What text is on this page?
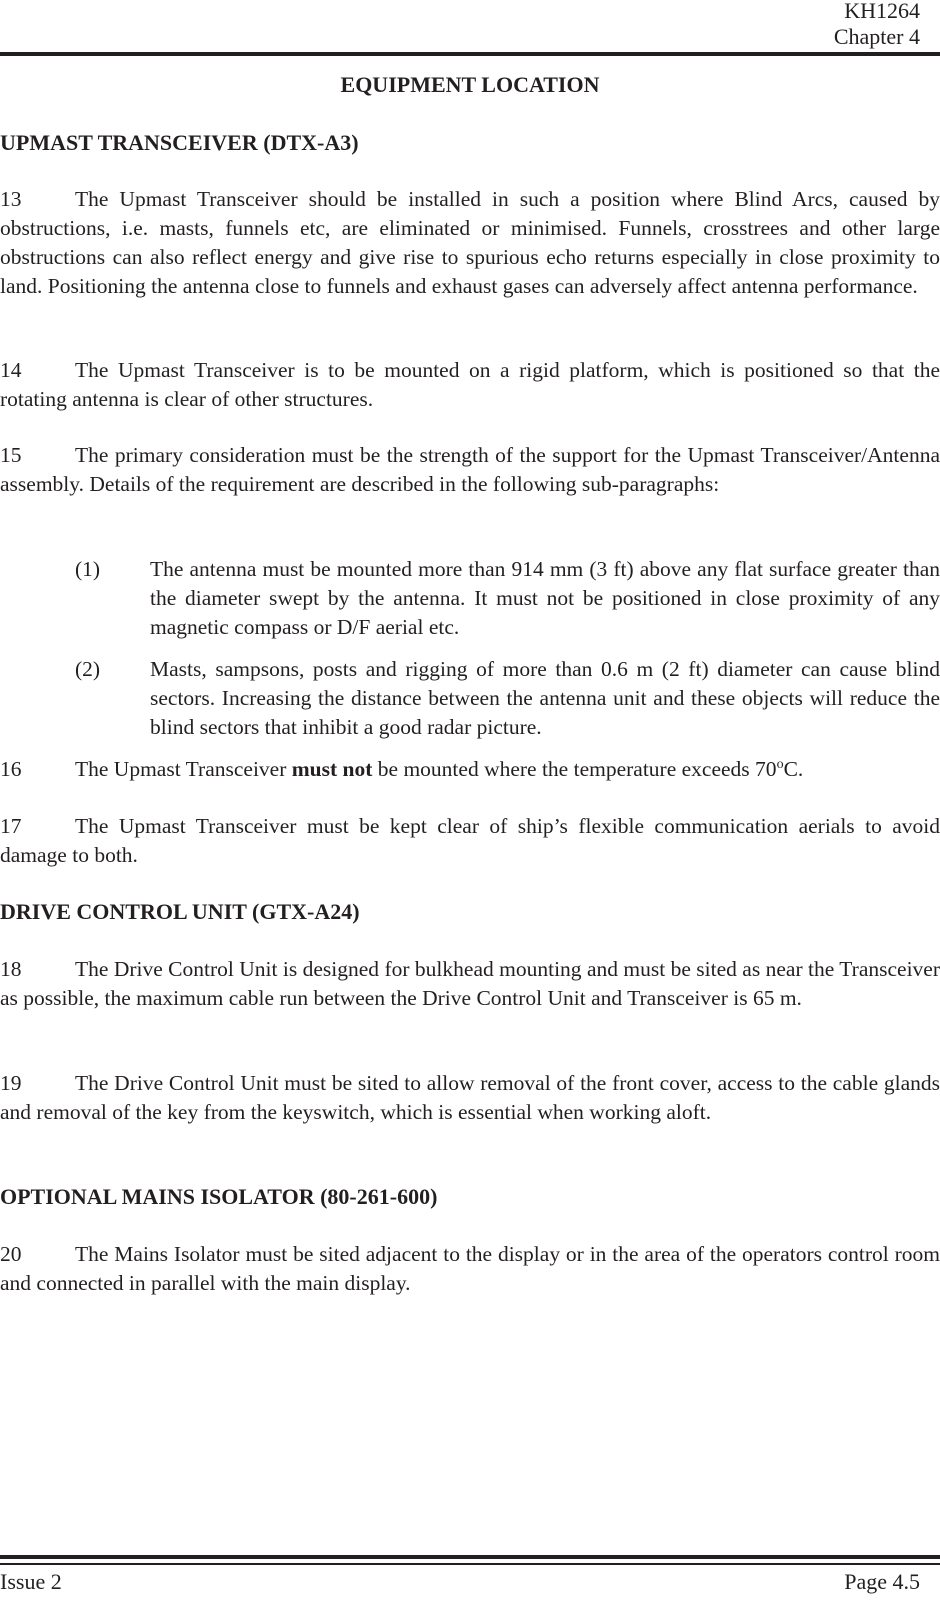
KH1264
Chapter 4
EQUIPMENT LOCATION
UPMAST TRANSCEIVER (DTX-A3)
13	The Upmast Transceiver should be installed in such a position where Blind Arcs, caused by obstructions, i.e. masts, funnels etc, are eliminated or minimised. Funnels, crosstrees and other large obstructions can also reflect energy and give rise to spurious echo returns especially in close proximity to land. Positioning the antenna close to funnels and exhaust gases can adversely affect antenna performance.
14	The Upmast Transceiver is to be mounted on a rigid platform, which is positioned so that the rotating antenna is clear of other structures.
15	The primary consideration must be the strength of the support for the Upmast Transceiver/Antenna assembly. Details of the requirement are described in the following sub-paragraphs:
(1)	The antenna must be mounted more than 914 mm (3 ft) above any flat surface greater than the diameter swept by the antenna. It must not be positioned in close proximity of any magnetic compass or D/F aerial etc.
(2)	Masts, sampsons, posts and rigging of more than 0.6 m (2 ft) diameter can cause blind sectors. Increasing the distance between the antenna unit and these objects will reduce the blind sectors that inhibit a good radar picture.
16	The Upmast Transceiver must not be mounted where the temperature exceeds 70$^o$C.
17	The Upmast Transceiver must be kept clear of ship’s flexible communication aerials to avoid damage to both.
DRIVE CONTROL UNIT (GTX-A24)
18	The Drive Control Unit is designed for bulkhead mounting and must be sited as near the Transceiver as possible, the maximum cable run between the Drive Control Unit and Transceiver is 65 m.
19	The Drive Control Unit must be sited to allow removal of the front cover, access to the cable glands and removal of the key from the keyswitch, which is essential when working aloft.
OPTIONAL MAINS ISOLATOR (80-261-600)
20	The Mains Isolator must be sited adjacent to the display or in the area of the operators control room and connected in parallel with the main display.
Issue 2	Page 4.5
